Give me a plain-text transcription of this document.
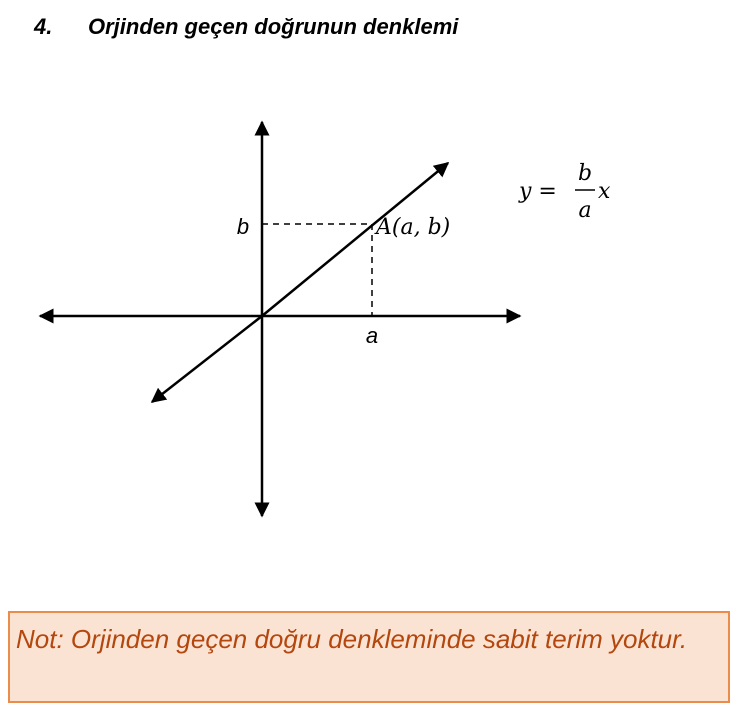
4. Orjinden geçen doğrunun denklemi
b
a
A(a, b)
y =
b
a
x
Not: Orjinden geçen doğru denkleminde sabit terim yoktur.
